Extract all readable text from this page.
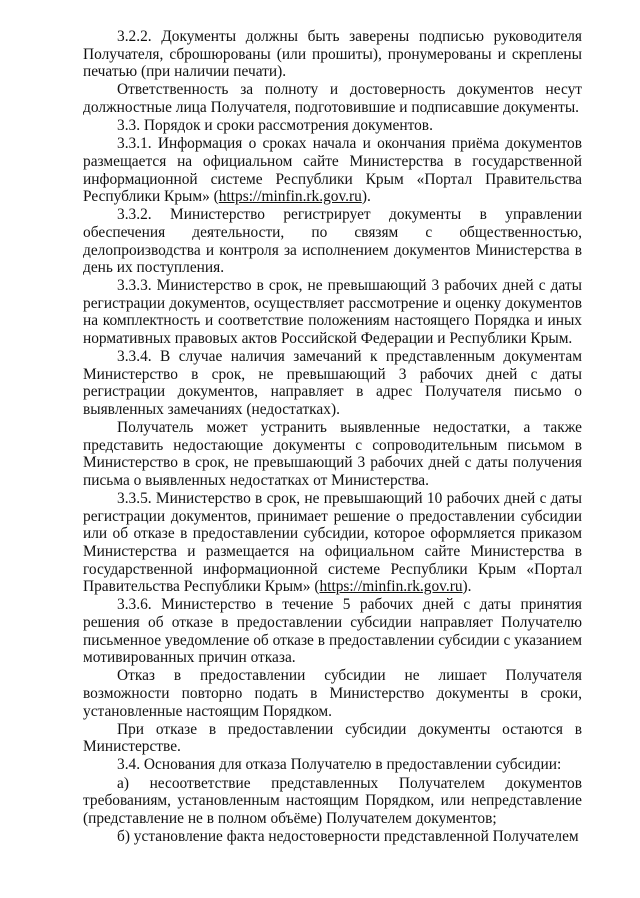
3.2.2. Документы должны быть заверены подписью руководителя Получателя, сброшюрованы (или прошиты), пронумерованы и скреплены печатью (при наличии печати).

Ответственность за полноту и достоверность документов несут должностные лица Получателя, подготовившие и подписавшие документы.

3.3. Порядок и сроки рассмотрения документов.

3.3.1. Информация о сроках начала и окончания приёма документов размещается на официальном сайте Министерства в государственной информационной системе Республики Крым «Портал Правительства Республики Крым» (https://minfin.rk.gov.ru).

3.3.2. Министерство регистрирует документы в управлении обеспечения деятельности, по связям с общественностью, делопроизводства и контроля за исполнением документов Министерства в день их поступления.

3.3.3. Министерство в срок, не превышающий 3 рабочих дней с даты регистрации документов, осуществляет рассмотрение и оценку документов на комплектность и соответствие положениям настоящего Порядка и иных нормативных правовых актов Российской Федерации и Республики Крым.

3.3.4. В случае наличия замечаний к представленным документам Министерство в срок, не превышающий 3 рабочих дней с даты регистрации документов, направляет в адрес Получателя письмо о выявленных замечаниях (недостатках).

Получатель может устранить выявленные недостатки, а также представить недостающие документы с сопроводительным письмом в Министерство в срок, не превышающий 3 рабочих дней с даты получения письма о выявленных недостатках от Министерства.

3.3.5. Министерство в срок, не превышающий 10 рабочих дней с даты регистрации документов, принимает решение о предоставлении субсидии или об отказе в предоставлении субсидии, которое оформляется приказом Министерства и размещается на официальном сайте Министерства в государственной информационной системе Республики Крым «Портал Правительства Республики Крым» (https://minfin.rk.gov.ru).

3.3.6. Министерство в течение 5 рабочих дней с даты принятия решения об отказе в предоставлении субсидии направляет Получателю письменное уведомление об отказе в предоставлении субсидии с указанием мотивированных причин отказа.

Отказ в предоставлении субсидии не лишает Получателя возможности повторно подать в Министерство документы в сроки, установленные настоящим Порядком.

При отказе в предоставлении субсидии документы остаются в Министерстве.

3.4. Основания для отказа Получателю в предоставлении субсидии:

а) несоответствие представленных Получателем документов требованиям, установленным настоящим Порядком, или непредставление (представление не в полном объёме) Получателем документов;

б) установление факта недостоверности представленной Получателем
